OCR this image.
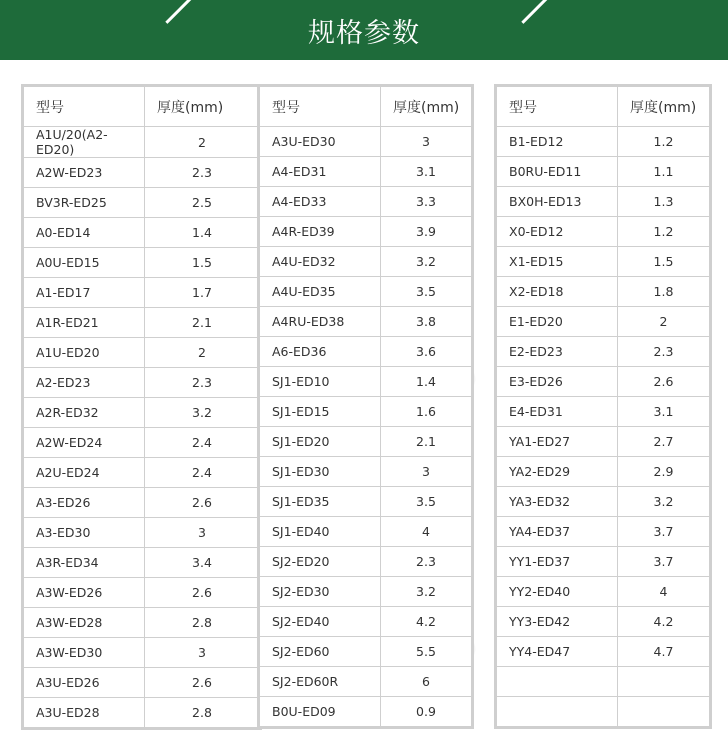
规格参数
型号	厚度(mm)
A1U/20(A2-ED20)	2
A2W-ED23	2.3
BV3R-ED25	2.5
A0-ED14	1.4
A0U-ED15	1.5
A1-ED17	1.7
A1R-ED21	2.1
A1U-ED20	2
A2-ED23	2.3
A2R-ED32	3.2
A2W-ED24	2.4
A2U-ED24	2.4
A3-ED26	2.6
A3-ED30	3
A3R-ED34	3.4
A3W-ED26	2.6
A3W-ED28	2.8
A3W-ED30	3
A3U-ED26	2.6
A3U-ED28	2.8
型号	厚度(mm)
A3U-ED30	3
A4-ED31	3.1
A4-ED33	3.3
A4R-ED39	3.9
A4U-ED32	3.2
A4U-ED35	3.5
A4RU-ED38	3.8
A6-ED36	3.6
SJ1-ED10	1.4
SJ1-ED15	1.6
SJ1-ED20	2.1
SJ1-ED30	3
SJ1-ED35	3.5
SJ1-ED40	4
SJ2-ED20	2.3
SJ2-ED30	3.2
SJ2-ED40	4.2
SJ2-ED60	5.5
SJ2-ED60R	6
B0U-ED09	0.9
型号	厚度(mm)
B1-ED12	1.2
B0RU-ED11	1.1
BX0H-ED13	1.3
X0-ED12	1.2
X1-ED15	1.5
X2-ED18	1.8
E1-ED20	2
E2-ED23	2.3
E3-ED26	2.6
E4-ED31	3.1
YA1-ED27	2.7
YA2-ED29	2.9
YA3-ED32	3.2
YA4-ED37	3.7
YY1-ED37	3.7
YY2-ED40	4
YY3-ED42	4.2
YY4-ED47	4.7
